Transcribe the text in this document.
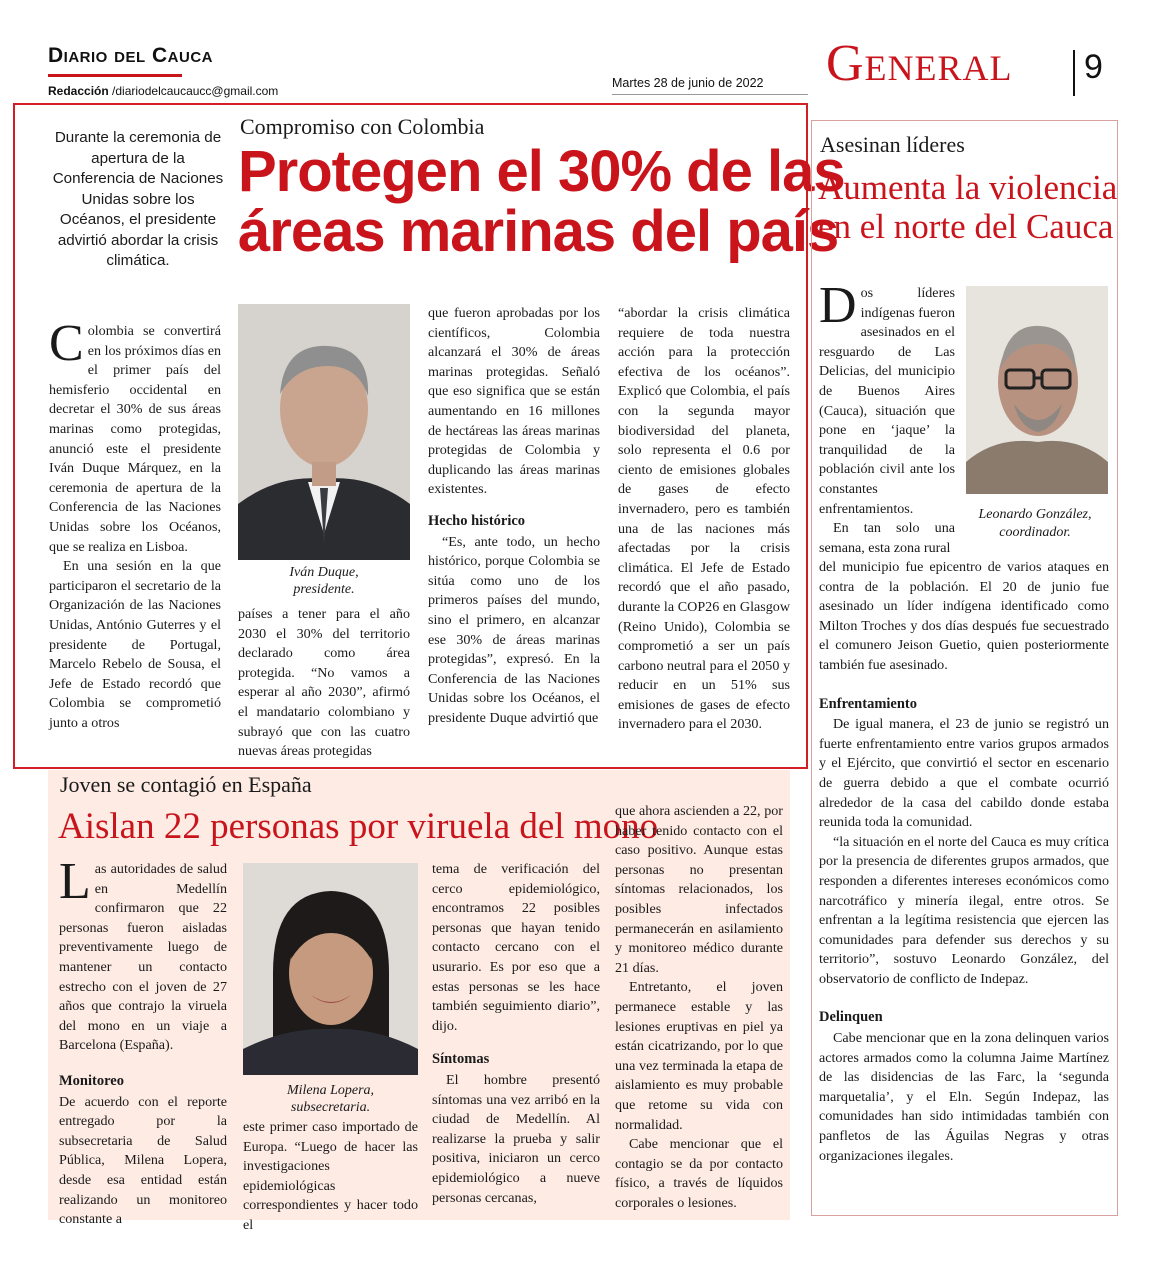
Diario del Cauca
Redacción /diariodelcaucaucc@gmail.com
Martes 28 de junio de 2022 General 9
Compromiso con Colombia
Protegen el 30% de las
áreas marinas del país
Durante la ceremonia de apertura de la Conferencia de Naciones Unidas sobre los Océanos, el presidente advirtió abordar la crisis climática.

Colombia se convertirá en los próximos días en el primer país del hemisferio occidental en decretar el 30% de sus áreas marinas como protegidas, anunció este el presidente Iván Duque Márquez, en la ceremonia de apertura de la Conferencia de las Naciones Unidas sobre los Océanos, que se realiza en Lisboa.

En una sesión en la que participaron el secretario de la Organización de las Naciones Unidas, António Guterres y el presidente de Portugal, Marcelo Rebelo de Sousa, el Jefe de Estado recordó que Colombia se comprometió junto a otros

Iván Duque,
presidente.

países a tener para el año 2030 el 30% del territorio declarado como área protegida. “No vamos a esperar al año 2030”, afirmó el mandatario colombiano y subrayó que con las cuatro nuevas áreas protegidas

que fueron aprobadas por los científicos, Colombia alcanzará el 30% de áreas marinas protegidas. Señaló que eso significa que se están aumentando en 16 millones de hectáreas las áreas marinas protegidas de Colombia y duplicando las áreas marinas existentes.

Hecho histórico

“Es, ante todo, un hecho histórico, porque Colombia se sitúa como uno de los primeros países del mundo, sino el primero, en alcanzar ese 30% de áreas marinas protegidas”, expresó. En la Conferencia de las Naciones Unidas sobre los Océanos, el presidente Duque advirtió que

“abordar la crisis climática requiere de toda nuestra acción para la protección efectiva de los océanos”. Explicó que Colombia, el país con la segunda mayor biodiversidad del planeta, solo representa el 0.6 por ciento de emisiones globales de gases de efecto invernadero, pero es también una de las naciones más afectadas por la crisis climática. El Jefe de Estado recordó que el año pasado, durante la COP26 en Glasgow (Reino Unido), Colombia se comprometió a ser un país carbono neutral para el 2050 y reducir en un 51% sus emisiones de gases de efecto invernadero para el 2030.

Asesinan líderes
Aumenta la violencia
en el norte del Cauca

Dos líderes indígenas fueron asesinados en el resguardo de Las Delicias, del municipio de Buenos Aires (Cauca), situación que pone en ‘jaque’ la tranquilidad de la población civil ante los constantes enfrentamientos.

En tan solo una semana, esta zona rural

Leonardo González,
coordinador.

del municipio fue epicentro de varios ataques en contra de la población. El 20 de junio fue asesinado un líder indígena identificado como Milton Troches y dos días después fue secuestrado el comunero Jeison Guetio, quien posteriormente también fue asesinado.

Enfrentamiento

De igual manera, el 23 de junio se registró un fuerte enfrentamiento entre varios grupos armados y el Ejército, que convirtió el sector en escenario de guerra debido a que el combate ocurrió alrededor de la casa del cabildo donde estaba reunida toda la comunidad.

“la situación en el norte del Cauca es muy crítica por la presencia de diferentes grupos armados, que responden a diferentes intereses económicos como narcotráfico y minería ilegal, entre otros. Se enfrentan a la legítima resistencia que ejercen las comunidades para defender sus derechos y su territorio”, sostuvo Leonardo González, del observatorio de conflicto de Indepaz.

Delinquen

Cabe mencionar que en la zona delinquen varios actores armados como la columna Jaime Martínez de las disidencias de las Farc, la ‘segunda marquetalia’, y el Eln. Según Indepaz, las comunidades han sido intimidadas también con panfletos de las Águilas Negras y otras organizaciones ilegales.

Joven se contagió en España
Aislan 22 personas por viruela del mono

Las autoridades de salud en Medellín confirmaron que 22 personas fueron aisladas preventivamente luego de mantener un contacto estrecho con el joven de 27 años que contrajo la viruela del mono en un viaje a Barcelona (España).

Monitoreo

De acuerdo con el reporte entregado por la subsecretaria de Salud Pública, Milena Lopera, desde esa entidad están realizando un monitoreo constante a

Milena Lopera,
subsecretaria.

este primer caso importado de Europa. “Luego de hacer las investigaciones epidemiológicas correspondientes y hacer todo el

tema de verificación del cerco epidemiológico, encontramos 22 posibles personas que hayan tenido contacto cercano con el usurario. Es por eso que a estas personas se les hace también seguimiento diario”, dijo.

Síntomas

El hombre presentó síntomas una vez arribó en la ciudad de Medellín. Al realizarse la prueba y salir positiva, iniciaron un cerco epidemiológico a nueve personas cercanas,

que ahora ascienden a 22, por haber tenido contacto con el caso positivo. Aunque estas personas no presentan síntomas relacionados, los posibles infectados permanecerán en asilamiento y monitoreo médico durante 21 días.

Entretanto, el joven permanece estable y las lesiones eruptivas en piel ya están cicatrizando, por lo que una vez terminada la etapa de aislamiento es muy probable que retome su vida con normalidad.

Cabe mencionar que el contagio se da por contacto físico, a través de líquidos corporales o lesiones.
